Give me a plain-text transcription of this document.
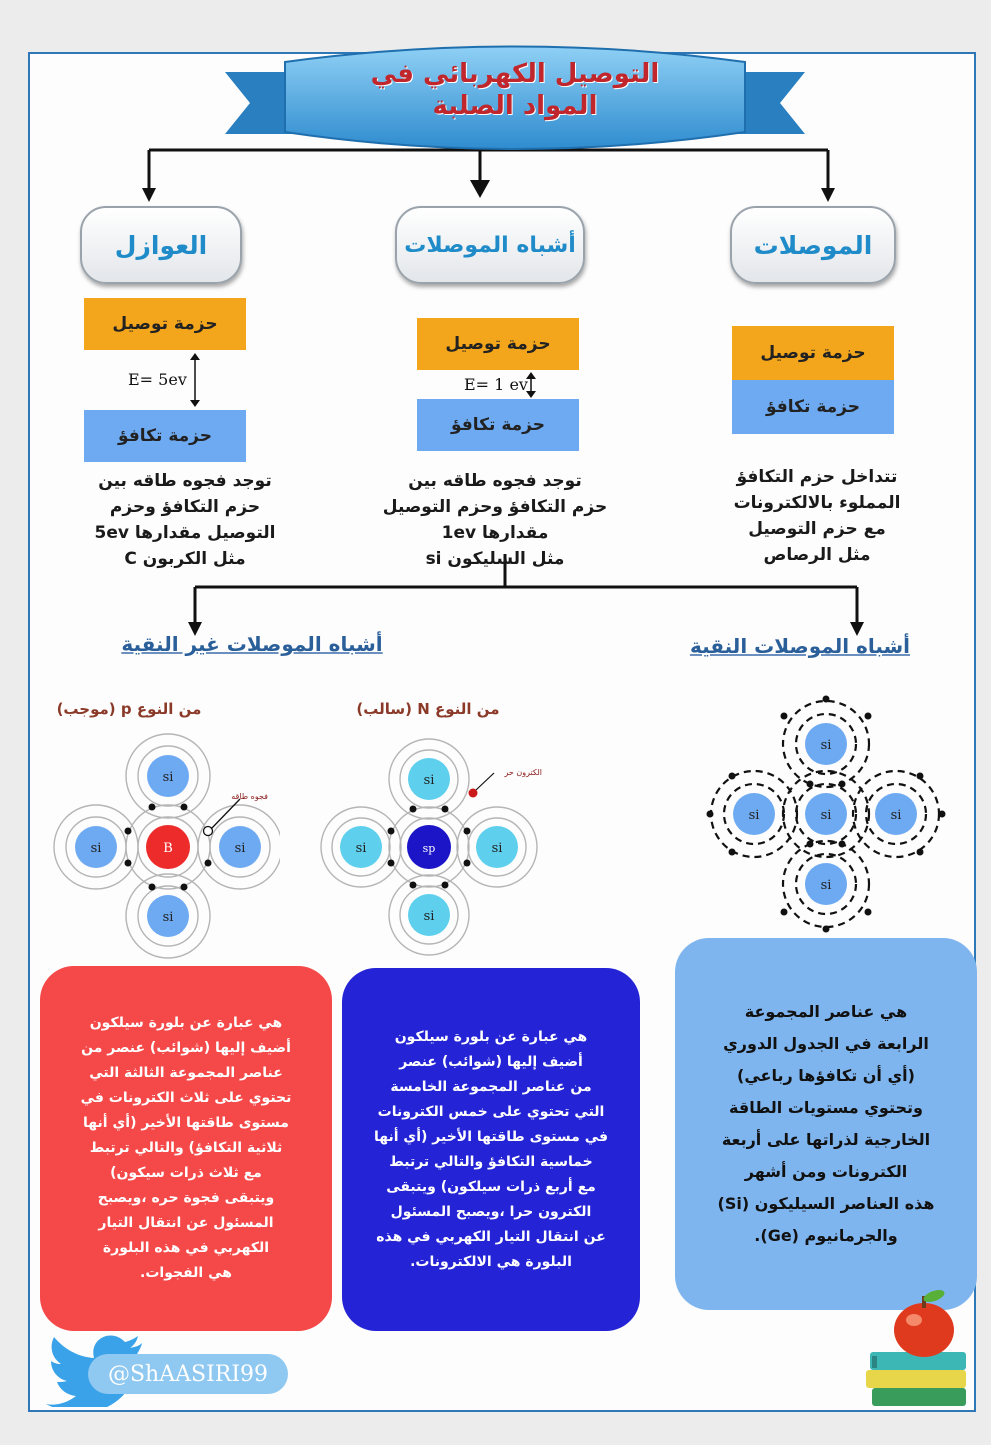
التوصيل الكهربائي في
المواد الصلبة
العوازل	أشباه الموصلات	الموصلات
حزمة توصيل
E= 5ev
حزمة تكافؤ
حزمة توصيل
E= 1 ev
حزمة تكافؤ
حزمة توصيل
حزمة تكافؤ
توجد فجوه طاقه بين
حزم التكافؤ وحزم
التوصيل مقدارها 5ev
مثل الكربون C
توجد فجوه طاقه بين
حزم التكافؤ وحزم التوصيل
مقدارها 1ev
مثل السليكون si
تتداخل حزم التكافؤ
المملوء بالالكترونات
مع حزم التوصيل
مثل الرصاص
أشباه الموصلات غير النقية	أشباه الموصلات النقية
من النوع p (موجب)	من النوع N (سالب)
si
si	si
si
B
فجوه طاقه
si
si	si
si
sp
الكترون حر
si
si	si	si
si
هي عبارة عن بلورة سيلكون
أضيف إليها (شوائب) عنصر من
عناصر المجموعة الثالثة التي
تحتوي على ثلاث الكترونات في
مستوى طاقتها الأخير (أي أنها
ثلاثية التكافؤ) والتالي ترتبط
مع ثلاث ذرات سيكون)
ويتبقى فجوة حره ،ويصبح
المسئول عن انتقال التيار
الكهربي في هذه البلورة
هي الفجوات.
هي عبارة عن بلورة سيلكون
أضيف إليها (شوائب) عنصر
من عناصر المجموعة الخامسة
التي تحتوي على خمس الكترونات
في مستوى طاقتها الأخير (أي أنها
خماسية التكافؤ والتالي ترتبط
مع أربع ذرات سيلكون) ويتبقى
الكترون حرا ،ويصبح المسئول
عن انتقال التيار الكهربي في هذه
البلورة هي الالكترونات.
هي عناصر المجموعة
الرابعة في الجدول الدوري
(أي أن تكافؤها رباعي)
وتحتوي مستويات الطاقة
الخارجية لذراتها على أربعة
الكترونات ومن أشهر
هذه العناصر السيليكون (Si)
والجرمانيوم (Ge).
@ShAASIRI99
